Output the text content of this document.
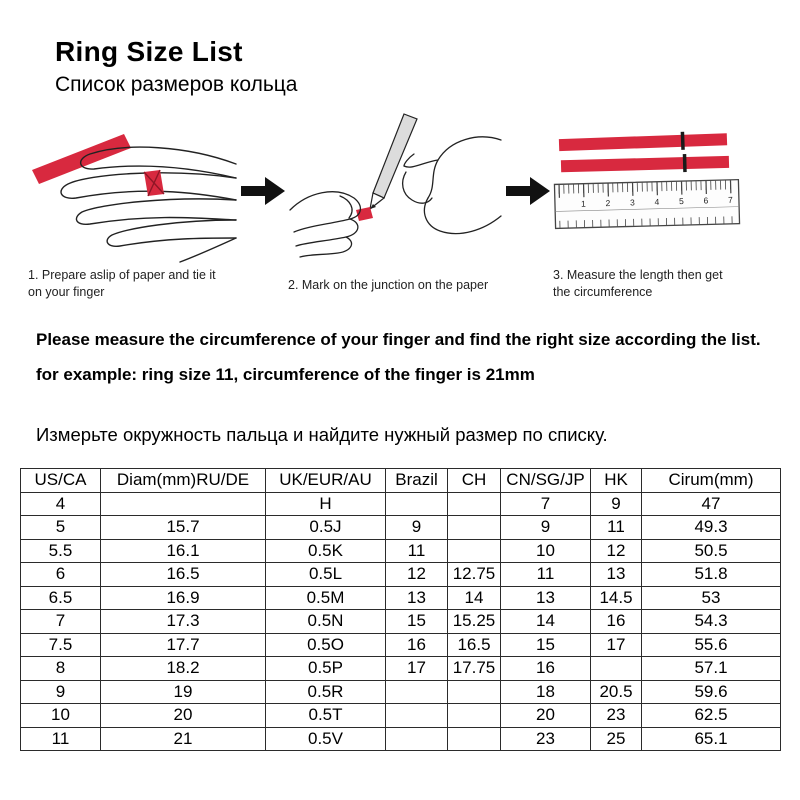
Ring Size List
Список размеров кольца
1. Prepare aslip of paper and tie it on your finger	2. Mark on the junction on the paper
1 2 3 4 5 6 7
3. Measure the length then get the circumference

Please measure the circumference of your finger and find the right size according the list.

for example: ring size 11, circumference of the finger is 21mm

Измерьте окружность пальца и найдите нужный размер по списку.

US/CA	Diam(mm)RU/DE	UK/EUR/AU	Brazil	CH	CN/SG/JP	HK	Cirum(mm)
4		H			7	9	47
5	15.7	0.5J	9		9	11	49.3
5.5	16.1	0.5K	11		10	12	50.5
6	16.5	0.5L	12	12.75	11	13	51.8
6.5	16.9	0.5M	13	14	13	14.5	53
7	17.3	0.5N	15	15.25	14	16	54.3
7.5	17.7	0.5O	16	16.5	15	17	55.6
8	18.2	0.5P	17	17.75	16		57.1
9	19	0.5R			18	20.5	59.6
10	20	0.5T			20	23	62.5
11	21	0.5V			23	25	65.1
